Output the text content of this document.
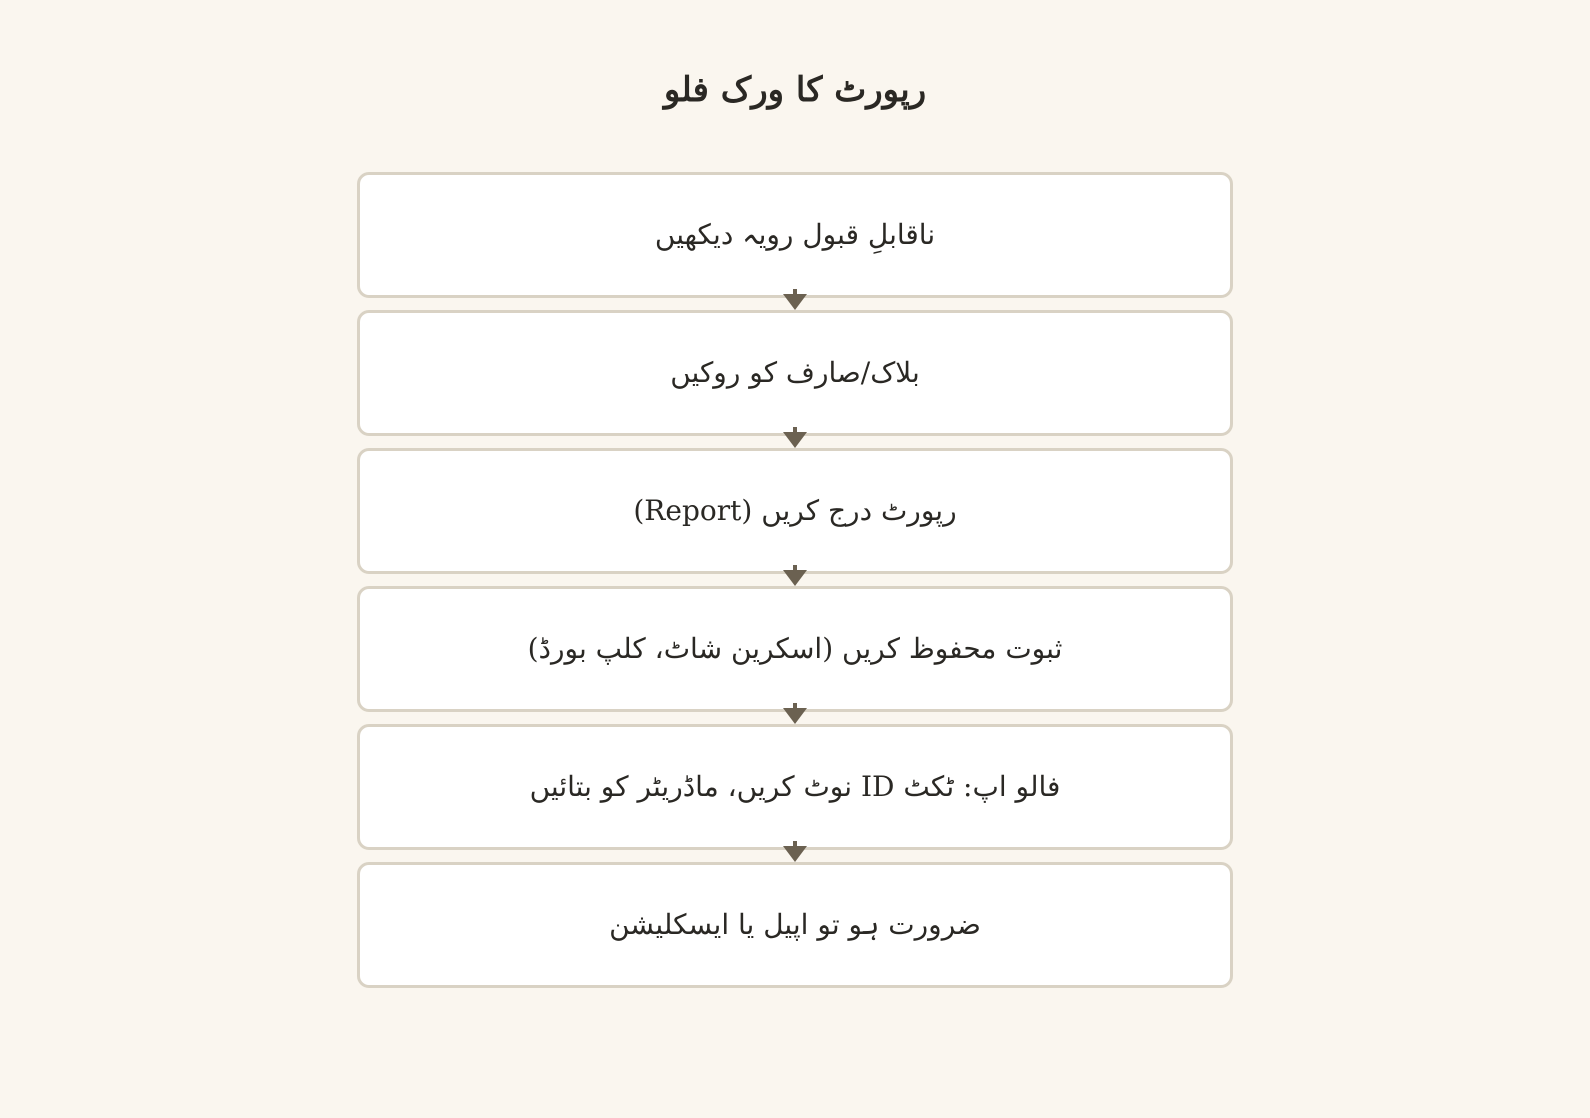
رپورٹ کا ورک فلو
ناقابلِ قبول رویہ دیکھیں
بلاک/صارف کو روکیں
رپورٹ درج کریں (Report)
ثبوت محفوظ کریں (اسکرین شاٹ، کلپ بورڈ)
فالو اپ: ٹکٹ ID نوٹ کریں، ماڈریٹر کو بتائیں
ضرورت ہو تو اپیل یا ایسکلیشن
